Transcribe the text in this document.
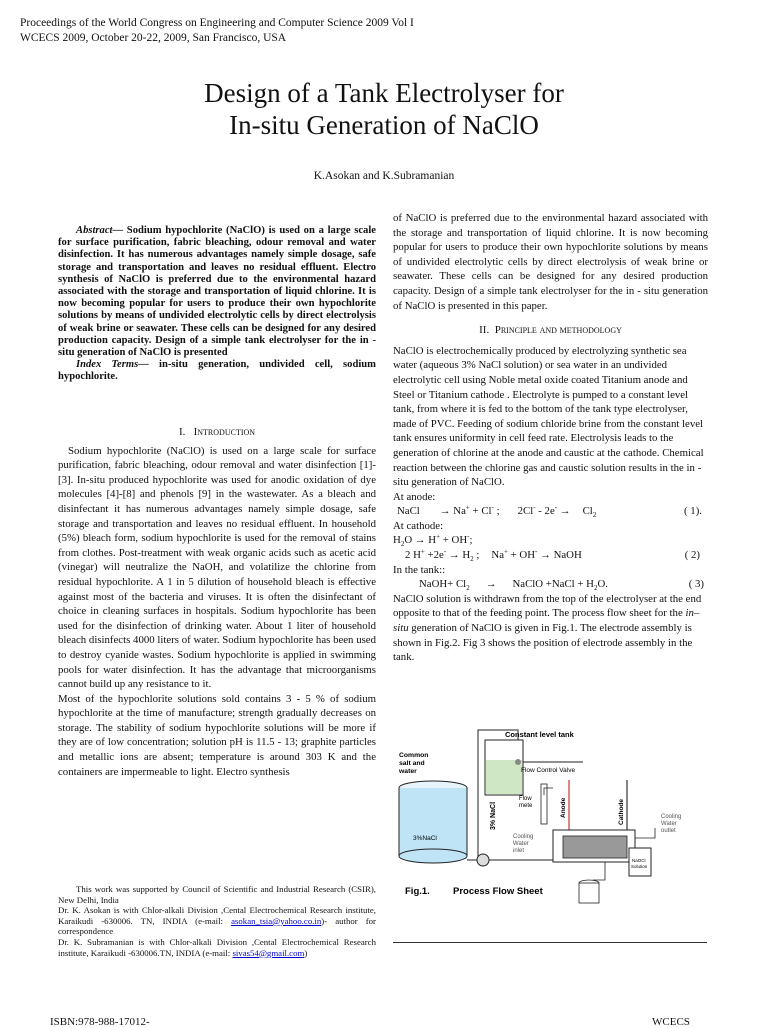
Proceedings of the World Congress on Engineering and Computer Science 2009 Vol I
WCECS 2009, October 20-22, 2009, San Francisco, USA
Design of a Tank Electrolyser for
In-situ Generation of NaClO
K.Asokan and K.Subramanian

Abstract— Sodium hypochlorite (NaClO) is used on a large scale for surface purification, fabric bleaching, odour removal and water disinfection. It has numerous advantages namely simple dosage, safe storage and transportation and leaves no residual effluent. Electro synthesis of NaClO is preferred due to the environmental hazard associated with the storage and transportation of liquid chlorine. It is now becoming popular for users to produce their own hypochlorite solutions by means of undivided electrolytic cells by direct electrolysis of weak brine or seawater. These cells can be designed for any desired production capacity. Design of a simple tank electrolyser for the in - situ generation of NaClO is presented

Index Terms— in-situ generation, undivided cell, sodium hypochlorite.

I. Introduction

Sodium hypochlorite (NaClO) is used on a large scale for surface purification, fabric bleaching, odour removal and water disinfection [1]-[3]. In-situ produced hypochlorite was used for anodic oxidation of dye molecules [4]-[8] and phenols [9] in the wastewater. As a bleach and disinfectant it has numerous advantages namely simple dosage, safe storage and transportation and leaves no residual effluent. In household (5%) bleach form, sodium hypochlorite is used for the removal of stains from clothes. Post-treatment with weak organic acids such as acetic acid (vinegar) will neutralize the NaOH, and volatilize the chlorine from residual hypochlorite. A 1 in 5 dilution of household bleach is effective against most of the bacteria and viruses. It is often the disinfectant of choice in cleaning surfaces in hospitals. Sodium hypochlorite has been used for the disinfection of drinking water. About 1 liter of household bleach disinfects 4000 liters of water. Sodium hypochlorite has been used to destroy cyanide wastes. Sodium hypochlorite is applied in swimming pools for water disinfection. It has the advantage that microorganisms cannot build up any resistance to it.

Most of the hypochlorite solutions sold contains 3 - 5 % of sodium hypochlorite at the time of manufacture; strength gradually decreases on storage. The stability of sodium hypochlorite solutions will be more if they are of low concentration; solution pH is 11.5 - 13; graphite particles and metallic ions are absent; temperature is around 303 K and the containers are impermeable to light. Electro synthesis

This work was supported by Council of Scientific and Industrial Research (CSIR), New Delhi, India

Dr. K. Asokan is with Chlor-alkali Division ,Cental Electrochemical Research institute, Karaikudi -630006. TN, INDIA (e-mail: asokan_tsia@yahoo.co.in)- author for correspondence

Dr. K. Subramanian is with Chlor-alkali Division ,Cental Electrochemical Research institute, Karaikudi -630006.TN, INDIA (e-mail: sivas54@gmail.com)

of NaClO is preferred due to the environmental hazard associated with the storage and transportation of liquid chlorine. It is now becoming popular for users to produce their own hypochlorite solutions by means of undivided electrolytic cells by direct electrolysis of weak brine or seawater. These cells can be designed for any desired production capacity. Design of a simple tank electrolyser for the in - situ generation of NaClO is presented in this paper.

II. Principle and methodology

NaClO is electrochemically produced by electrolyzing synthetic sea water (aqueous 3% NaCl solution) or sea water in an undivided electrolytic cell using Noble metal oxide coated Titanium anode and Steel or Titanium cathode . Electrolyte is pumped to a constant level tank, from where it is fed to the bottom of the tank type electrolyser, made of PVC. Feeding of sodium chloride brine from the constant level tank ensures uniformity in cell feed rate. Electrolysis leads to the generation of chlorine at the anode and caustic at the cathode. Chemical reaction between the chlorine gas and caustic solution results in the in - situ generation of NaClO.

At anode:

NaCl → Na+ + Cl- ; $2Cl^- - 2e^- \to Cl_2$	( 1).

At cathode:

$H_2O \to H^+ + OH^-$;
2 $H^+ +2e^- \to H_2$ ; Na+ + OH- → NaOH	( 2)

In the tank::

NaOH+ $Cl_2$ → NaClO +NaCl + $H_2O$.	( 3)

NaClO solution is withdrawn from the top of the electrolyser at the end opposite to that of the feeding point. The process flow sheet for the in–situ generation of NaClO is given in Fig.1. The electrode assembly is shown in Fig.2. Fig 3 shows the position of electrode assembly in the tank.

Constant level tank
Flow Control Valve
Common
salt and
water
3%NaCl
3% NaCl
Flow
mete	Anode	Cathode
Cooling
Water
inlet
Cooling
Water
outlet
NaOCl
Solution
Fig.1. Process Flow Sheet
ISBN:978-988-17012-	WCECS
